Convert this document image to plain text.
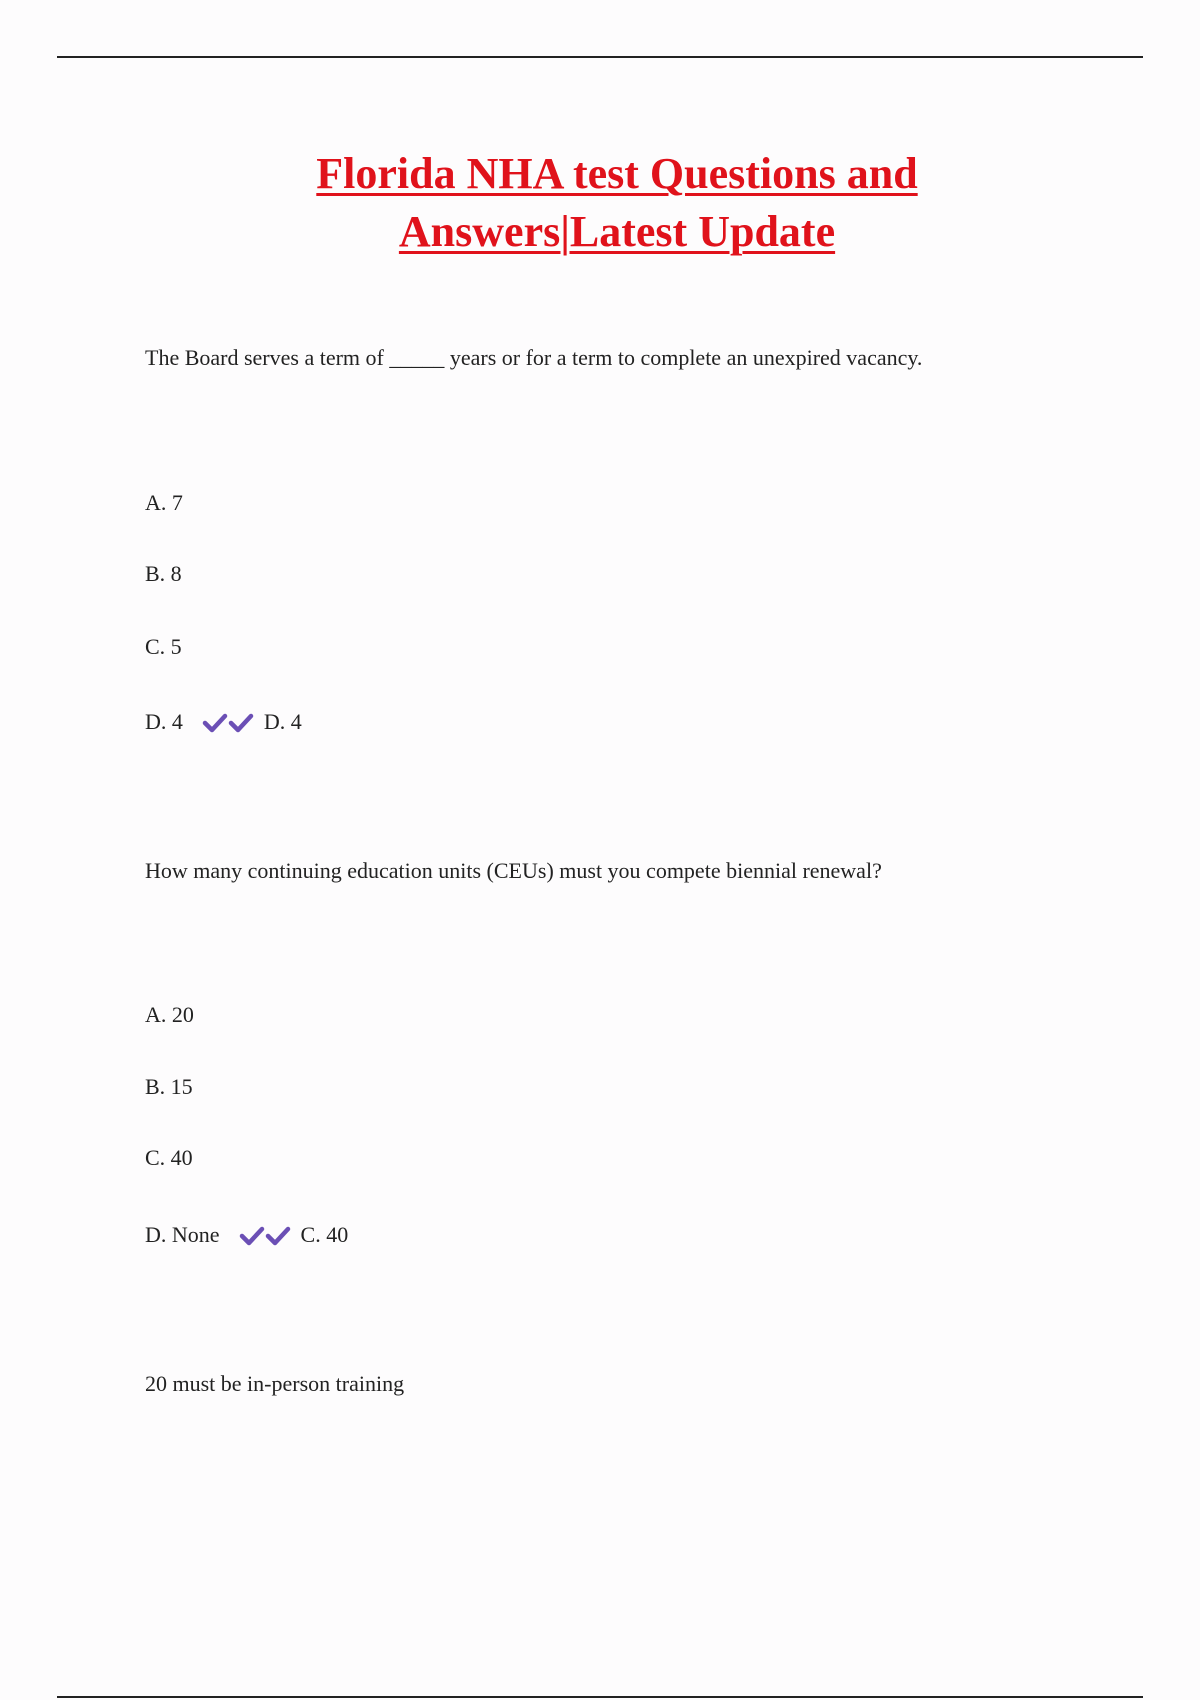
Florida NHA test Questions and
Answers|Latest Update
The Board serves a term of _____ years or for a term to complete an unexpired vacancy.
A. 7
B. 8
C. 5
D. 4	D. 4
How many continuing education units (CEUs) must you compete biennial renewal?
A. 20
B. 15
C. 40
D. None	C. 40
20 must be in-person training
